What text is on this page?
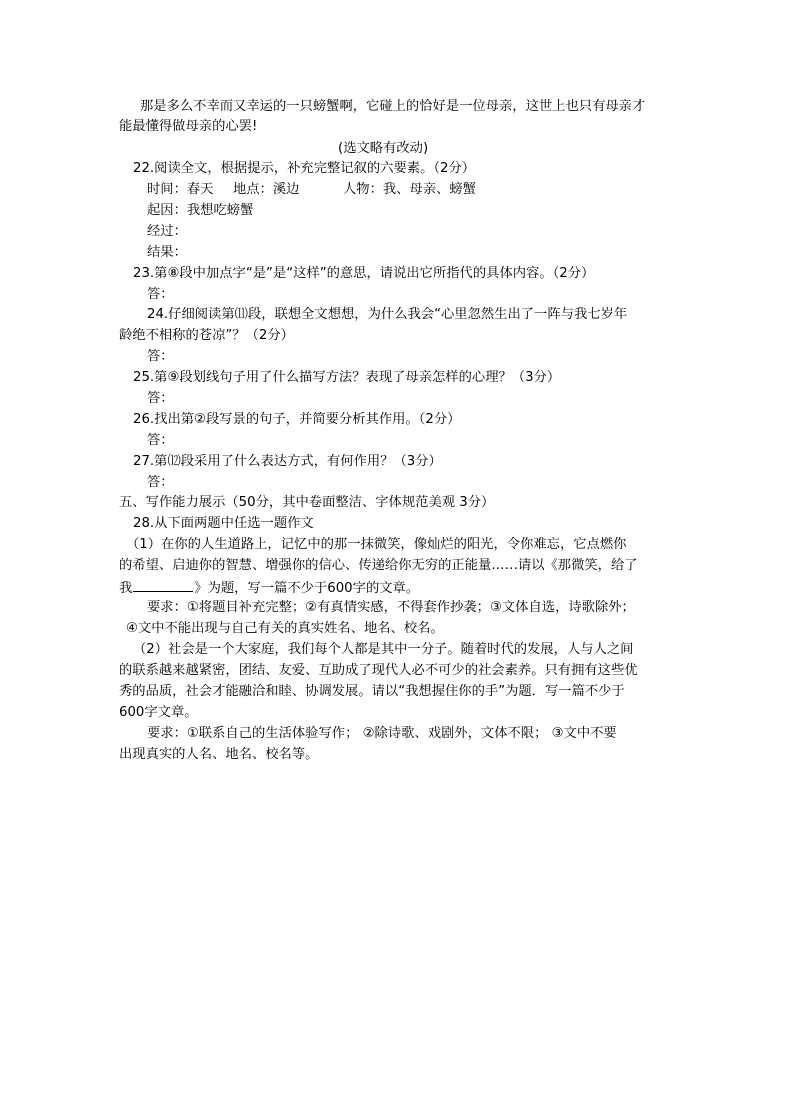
那是多么不幸而又幸运的一只螃蟹啊，它碰上的恰好是一位母亲，这世上也只有母亲才

能最懂得做母亲的心罢!

(选文略有改动)

22.阅读全文，根据提示，补充完整记叙的六要素。（2分）

时间：春天 地点：溪边	人物：我、母亲、螃蟹

起因：我想吃螃蟹

经过：

结果：

23.第⑧段中加点字“是”是“这样”的意思，请说出它所指代的具体内容。（2分）

答：

24.仔细阅读第⑾段，联想全文想想，为什么我会“心里忽然生出了一阵与我七岁年

龄绝不相称的苍凉”？（2分）

答：

25.第⑨段划线句子用了什么描写方法？表现了母亲怎样的心理？（3分）

答：

26.找出第②段写景的句子，并简要分析其作用。（2分）

答：

27.第⑿段采用了什么表达方式，有何作用？（3分）

答：

五、写作能力展示（50分，其中卷面整洁、字体规范美观 3分）

28.从下面两题中任选一题作文

（1）在你的人生道路上，记忆中的那一抹微笑，像灿烂的阳光，令你难忘，它点燃你

的希望、启迪你的智慧、增强你的信心、传递给你无穷的正能量……请以《那微笑，给了

我	》为题，写一篇不少于600字的文章。

要求：①将题目补充完整；②有真情实感，不得套作抄袭；③文体自选，诗歌除外；

④文中不能出现与自己有关的真实姓名、地名、校名。

（2）社会是一个大家庭，我们每个人都是其中一分子。随着时代的发展，人与人之间

的联系越来越紧密，团结、友爱、互助成了现代人必不可少的社会素养。只有拥有这些优

秀的品质，社会才能融洽和睦、协调发展。请以“我想握住你的手”为题．写一篇不少于

600字文章。

要求：①联系自己的生活体验写作； ②除诗歌、戏剧外，文体不限； ③文中不要

出现真实的人名、地名、校名等。
